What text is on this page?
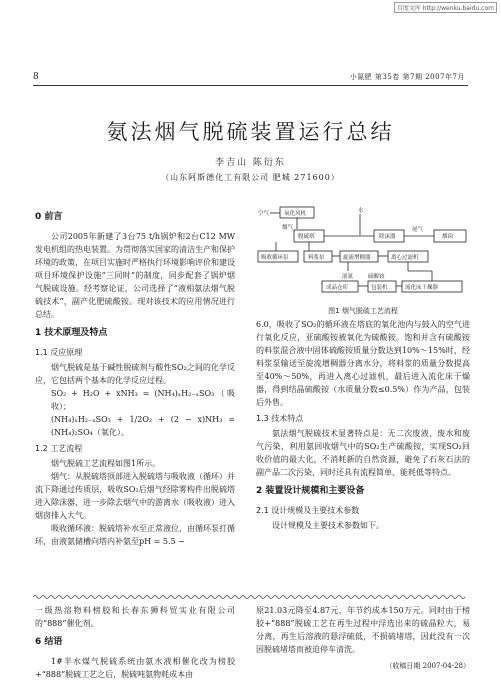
百度文库 http://wenku.baidu.com
8	小氮肥 第35卷 第7期 2007年7月
氨法烟气脱硫装置运行总结
李吉山 陈衍东
（山东阿斯德化工有限公司 肥城 271600）
0 前言

公司2005年新建了3台75 t/h锅炉和2台C12 MW发电机组的热电装置。为贯彻落实国家的清洁生产和保护环境的政策，在项目实施时严格执行环境影响评价和建设项目环境保护设施“三同时”的制度，同步配套了锅炉烟气脱硫设施。经考察论证，公司选择了“液相氨法烟气脱硫技术”，副产化肥硫酸铵。现对该技术的应用情况进行总结。

1 技术原理及特点
1.1 反应原理

烟气脱硫是基于碱性脱硫剂与酸性SO₂之间的化学反应，它包括两个基本的化学反应过程。

SO₂ + H₂O + xNH₃ = (NH₄)ₓH₂₋ₓSO₃（吸收）；

(NH₄)ₓH₂₋ₓSO₃ + 1/2O₂ + (2 − x)NH₃ = (NH₄)₂SO₄（氧化）。

1.2 工艺流程

烟气脱硫工艺流程如图1所示。

烟气：从脱硫塔顶部进入脱硫塔与吸收液（循环）并流下降通过传质层，吸收SO₂后烟气经除雾构件出脱硫塔进入除沫器，进一步除去烟气中的游离水（吸收液）进入烟囱排入大气。

吸收循环液：脱硫塔补水至正常液位，由循环泵打循环，由液氨储槽向塔内补氨至pH = 5.5 ~

水
空气	氧化风机
烟气
脱硫塔	除沫器
尾气
烟囱
吸收循环泵	料浆泵	旋流增稠器	离心过滤机
液氨
成品仓库
硫酸铵
包装机	流化床干燥器
图1 烟气脱硫工艺流程

6.0，吸收了SO₂的循环液在塔底的氧化池内与鼓入的空气进行氧化反应，亚硫酸铵被氧化为硫酸铵。饱和并含有硫酸铵的料浆混合液中固体硫酸铵质量分数达到10%～15%时，经料浆泵输送至旋流增稠器分离水分，将料浆的质量分数提高至40%～50%，再进入离心过滤机，最后进入流化床干燥器，得到结晶硫酸铵（水质量分数≤0.5%）作为产品，包装后外售。

1.3 技术特点

氨法烟气脱硫技术显著特点是：无二次废液、废水和废气污染，利用氨回收烟气中的SO₂生产硫酸铵，实现SO₂回收价值的最大化，不消耗新的自然资源，避免了石灰石法的副产品二次污染，同时还具有流程简单、能耗低等特点。

2 装置设计规模和主要设备
2.1 设计规模及主要技术参数

设计规模及主要技术参数如下。

一级热溶物料榜胶和长春东狮科贸实业有限公司的“888”催化剂。

6 结语

1#半水煤气脱硫系统由氨水液相催化改为榜胶+“888”脱硫工艺之后，脱硫吨氨物耗成本由

原21.03元降至4.87元，年节约成本150万元。同时由于榜胶+“888”脱硫工艺在再生过程中浮选出来的硫晶粒大，易分离，再生后溶液的悬浮硫低，不损硫堵塔，因此没有一次因脱硫堵塔而被迫停车清洗。

（收稿日期 2007-04-28）
